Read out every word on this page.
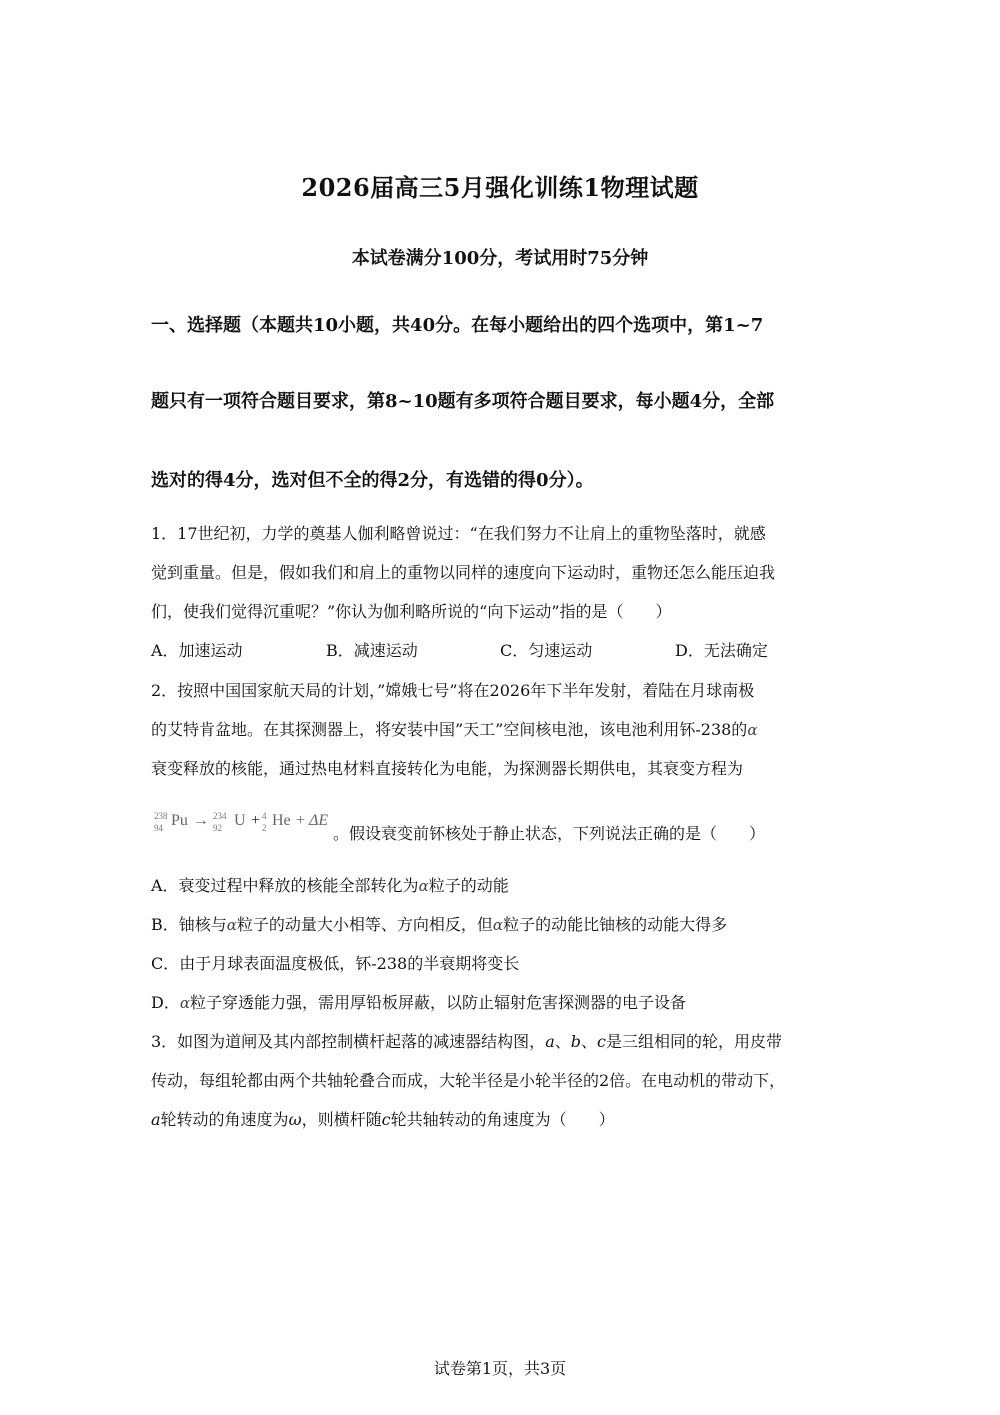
2026届高三5月强化训练1物理试题
本试卷满分100分，考试用时75分钟
一、选择题（本题共10小题，共40分。在每小题给出的四个选项中，第1~7
题只有一项符合题目要求，第8~10题有多项符合题目要求，每小题4分，全部
选对的得4分，选对但不全的得2分，有选错的得0分）。
1．17世纪初，力学的奠基人伽利略曾说过：“在我们努力不让肩上的重物坠落时，就感
觉到重量。但是，假如我们和肩上的重物以同样的速度向下运动时，重物还怎么能压迫我
们，使我们觉得沉重呢？”你认为伽利略所说的“向下运动”指的是（　　）
A．加速运动	B．减速运动	C．匀速运动	D．无法确定
2．按照中国国家航天局的计划，”嫦娥七号”将在2026年下半年发射，着陆在月球南极
的艾特肯盆地。在其探测器上，将安装中国”天工”空间核电池，该电池利用钚-238的α
衰变释放的核能，通过热电材料直接转化为电能，为探测器长期供电，其衰变方程为
238
94 Pu → 234
92 U + 4
2 He + ΔE
。假设衰变前钚核处于静止状态，下列说法正确的是（　　）
A．衰变过程中释放的核能全部转化为α粒子的动能
B．铀核与α粒子的动量大小相等、方向相反，但α粒子的动能比铀核的动能大得多
C．由于月球表面温度极低，钚-238的半衰期将变长
D．α粒子穿透能力强，需用厚铅板屏蔽，以防止辐射危害探测器的电子设备
3．如图为道闸及其内部控制横杆起落的减速器结构图，a、b、c是三组相同的轮，用皮带
传动，每组轮都由两个共轴轮叠合而成，大轮半径是小轮半径的2倍。在电动机的带动下，
a轮转动的角速度为ω，则横杆随c轮共轴转动的角速度为（　　）
试卷第1页，共3页
